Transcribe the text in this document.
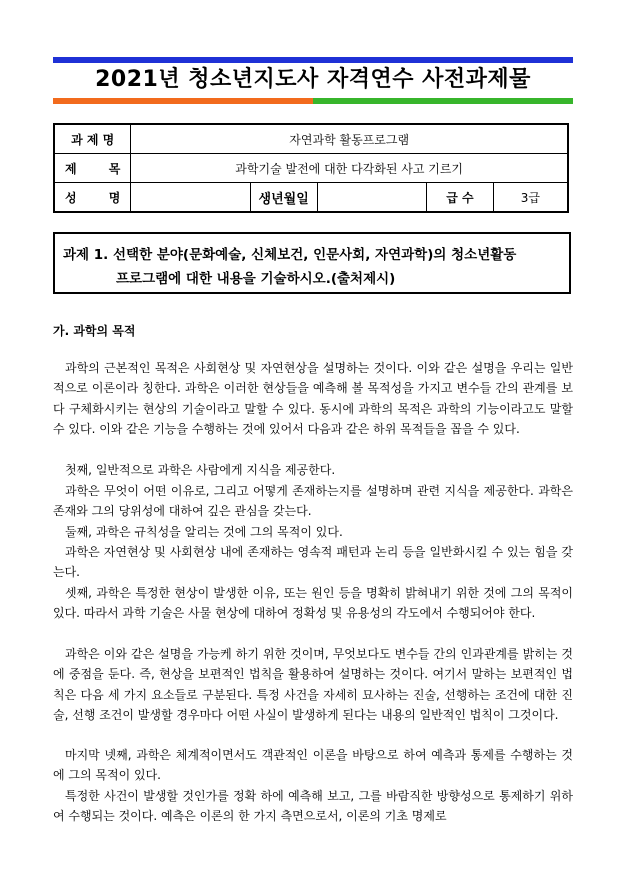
2021년 청소년지도사 자격연수 사전과제물
과 제 명	자연과학 활동프로그램				

제 목	과학기술 발전에 대한 다각화된 사고 기르기				

성 명		생년월일		급 수	3급
과제 1. 선택한 분야(문화예술, 신체보건, 인문사회, 자연과학)의 청소년활동
프로그램에 대한 내용을 기술하시오.(출처제시)
가. 과학의 목적
과학의 근본적인 목적은 사회현상 및 자연현상을 설명하는 것이다. 이와 같은 설명을 우리는 일반적으로 이론이라 칭한다. 과학은 이러한 현상들을 예측해 볼 목적성을 가지고 변수들 간의 관계를 보다 구체화시키는 현상의 기술이라고 말할 수 있다. 동시에 과학의 목적은 과학의 기능이라고도 말할 수 있다. 이와 같은 기능을 수행하는 것에 있어서 다음과 같은 하위 목적들을 꼽을 수 있다.
첫째, 일반적으로 과학은 사람에게 지식을 제공한다.
과학은 무엇이 어떤 이유로, 그리고 어떻게 존재하는지를 설명하며 관련 지식을 제공한다. 과학은 존재와 그의 당위성에 대하여 깊은 관심을 갖는다.
둘째, 과학은 규칙성을 알리는 것에 그의 목적이 있다.
과학은 자연현상 및 사회현상 내에 존재하는 영속적 패턴과 논리 등을 일반화시킬 수 있는 힘을 갖는다.
셋째, 과학은 특정한 현상이 발생한 이유, 또는 원인 등을 명확히 밝혀내기 위한 것에 그의 목적이 있다. 따라서 과학 기술은 사물 현상에 대하여 정확성 및 유용성의 각도에서 수행되어야 한다.
과학은 이와 같은 설명을 가능케 하기 위한 것이며, 무엇보다도 변수들 간의 인과관계를 밝히는 것에 중점을 둔다. 즉, 현상을 보편적인 법칙을 활용하여 설명하는 것이다. 여기서 말하는 보편적인 법칙은 다음 세 가지 요소들로 구분된다. 특정 사건을 자세히 묘사하는 진술, 선행하는 조건에 대한 진술, 선행 조건이 발생할 경우마다 어떤 사실이 발생하게 된다는 내용의 일반적인 법칙이 그것이다.
마지막 넷째, 과학은 체계적이면서도 객관적인 이론을 바탕으로 하여 예측과 통제를 수행하는 것에 그의 목적이 있다.
특정한 사건이 발생할 것인가를 정확 하에 예측해 보고, 그를 바람직한 방향성으로 통제하기 위하여 수행되는 것이다. 예측은 이론의 한 가지 측면으로서, 이론의 기초 명제로
